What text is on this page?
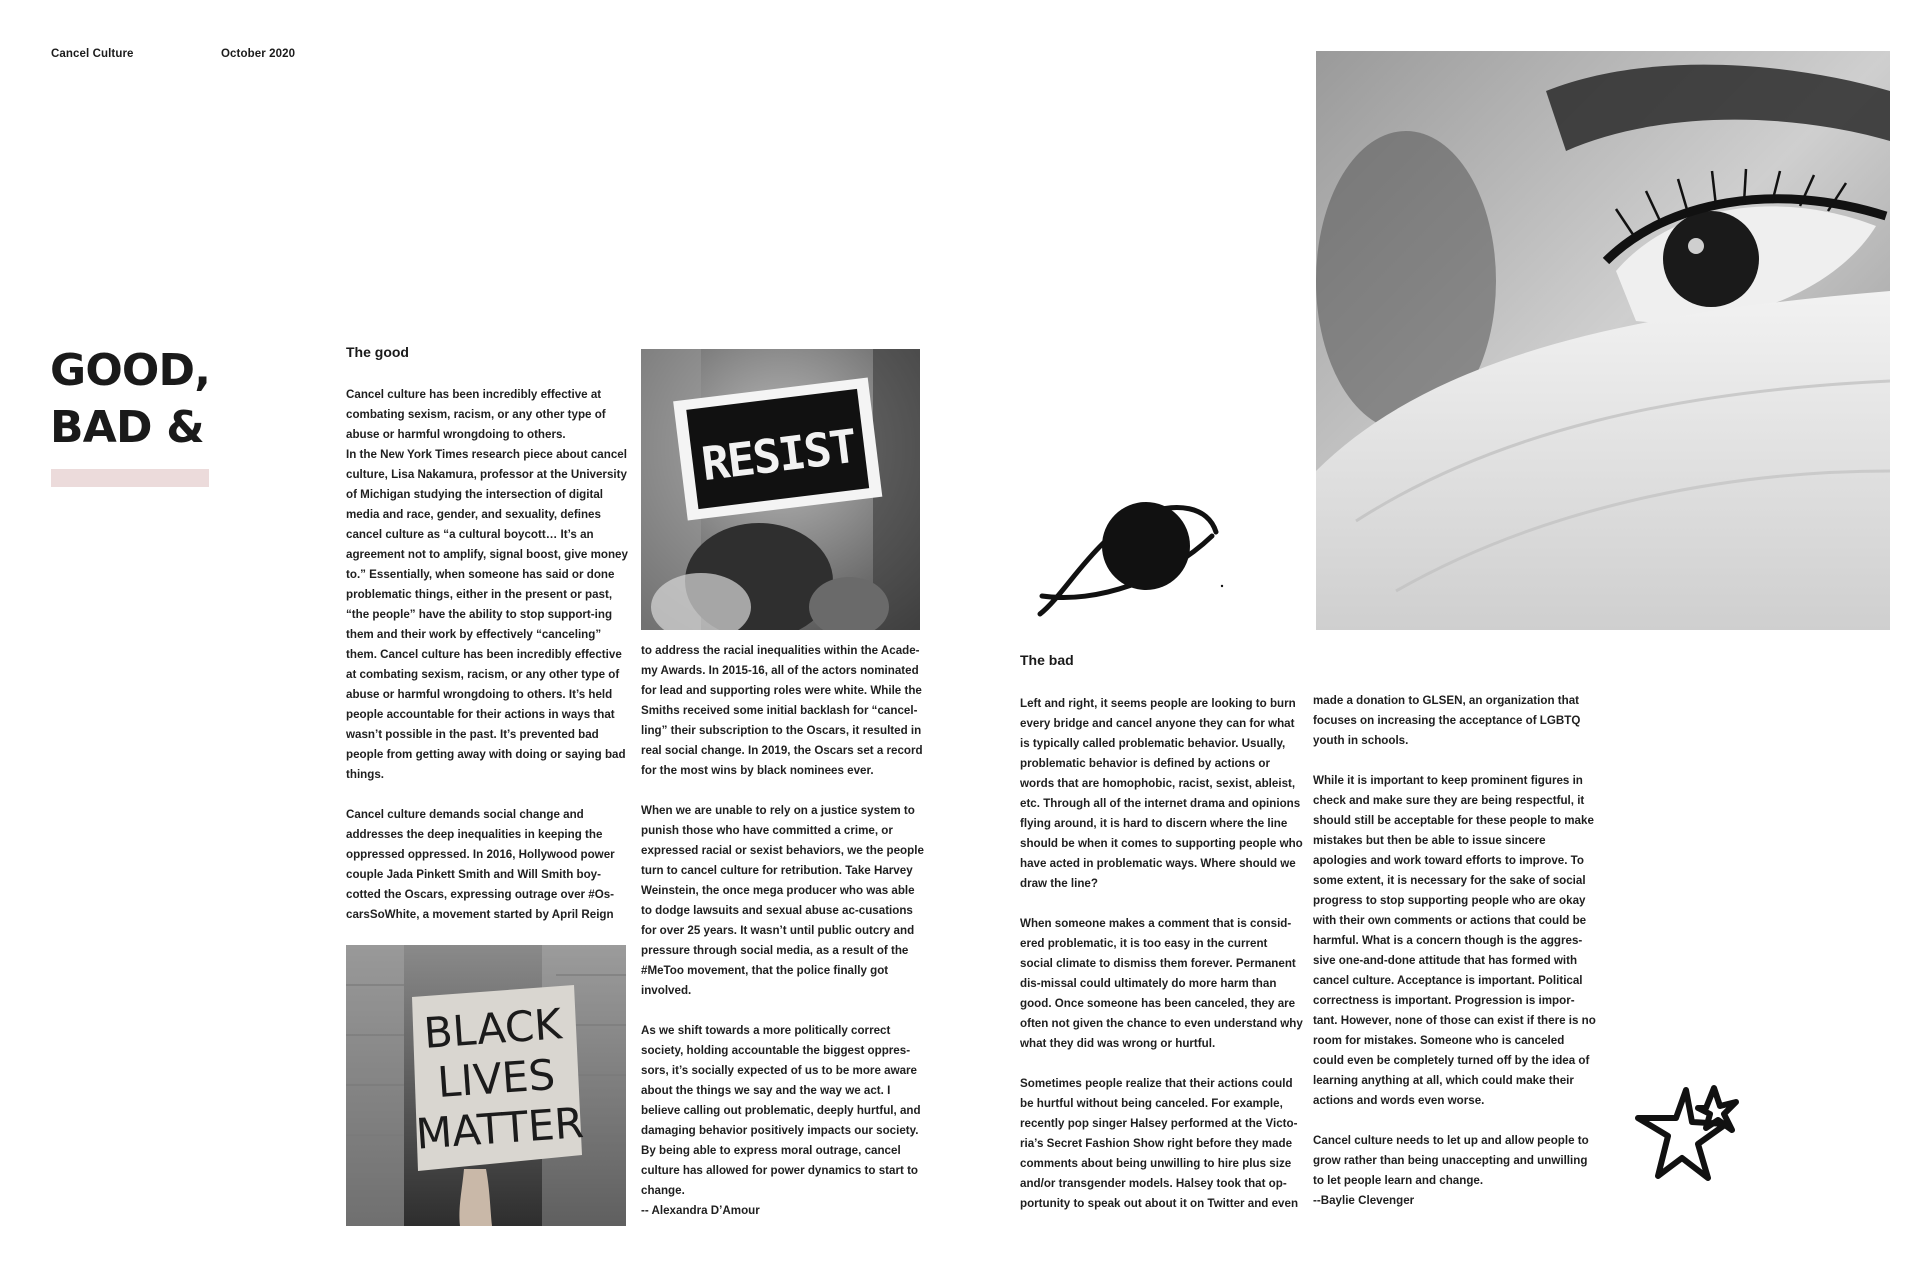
Cancel Culture	October 2020
GOOD,
BAD &
The good

Cancel culture has been incredibly effective at combating sexism, racism, or any other type of abuse or harmful wrongdoing to others.

In the New York Times research piece about cancel culture, Lisa Nakamura, professor at the University of Michigan studying the intersection of digital media and race, gender, and sexuality, defines cancel culture as “a cultural boycott… It’s an agreement not to amplify, signal boost, give money to.” Essentially, when someone has said or done problematic things, either in the present or past, “the people” have the ability to stop support-ing them and their work by effectively “canceling” them. Cancel culture has been incredibly effective at combating sexism, racism, or any other type of abuse or harmful wrongdoing to others. It’s held people accountable for their actions in ways that wasn’t possible in the past. It’s prevented bad people from getting away with doing or saying bad things.

Cancel culture demands social change and addresses the deep inequalities in keeping the oppressed oppressed. In 2016, Hollywood power couple Jada Pinkett Smith and Will Smith boy-cotted the Oscars, expressing outrage over #Os-carsSoWhite, a movement started by April Reign

RESIST

to address the racial inequalities within the Acade-my Awards. In 2015-16, all of the actors nominated for lead and supporting roles were white. While the Smiths received some initial backlash for “cancel-ling” their subscription to the Oscars, it resulted in real social change. In 2019, the Oscars set a record for the most wins by black nominees ever.

When we are unable to rely on a justice system to punish those who have committed a crime, or expressed racial or sexist behaviors, we the people turn to cancel culture for retribution. Take Harvey Weinstein, the once mega producer who was able to dodge lawsuits and sexual abuse ac-cusations for over 25 years. It wasn’t until public outcry and pressure through social media, as a result of the #MeToo movement, that the police finally got involved.

As we shift towards a more politically correct society, holding accountable the biggest oppres-sors, it’s socially expected of us to be more aware about the things we say and the way we act. I believe calling out problematic, deeply hurtful, and damaging behavior positively impacts our society. By being able to express moral outrage, cancel culture has allowed for power dynamics to start to change.

-- Alexandra D’Amour
BLACK
LIVES
MATTER
The bad

Left and right, it seems people are looking to burn every bridge and cancel anyone they can for what is typically called problematic behavior. Usually, problematic behavior is defined by actions or words that are homophobic, racist, sexist, ableist, etc. Through all of the internet drama and opinions flying around, it is hard to discern where the line should be when it comes to supporting people who have acted in problematic ways. Where should we draw the line?

When someone makes a comment that is consid-ered problematic, it is too easy in the current social climate to dismiss them forever. Permanent dis-missal could ultimately do more harm than good. Once someone has been canceled, they are often not given the chance to even understand why what they did was wrong or hurtful.

Sometimes people realize that their actions could be hurtful without being canceled. For example, recently pop singer Halsey performed at the Victo-ria’s Secret Fashion Show right before they made comments about being unwilling to hire plus size and/or transgender models. Halsey took that op-portunity to speak out about it on Twitter and even

made a donation to GLSEN, an organization that focuses on increasing the acceptance of LGBTQ youth in schools.

While it is important to keep prominent figures in check and make sure they are being respectful, it should still be acceptable for these people to make mistakes but then be able to issue sincere apologies and work toward efforts to improve. To some extent, it is necessary for the sake of social progress to stop supporting people who are okay with their own comments or actions that could be harmful. What is a concern though is the aggres-sive one-and-done attitude that has formed with cancel culture. Acceptance is important. Political correctness is important. Progression is impor-tant. However, none of those can exist if there is no room for mistakes. Someone who is canceled could even be completely turned off by the idea of learning anything at all, which could make their actions and words even worse.

Cancel culture needs to let up and allow people to grow rather than being unaccepting and unwilling to let people learn and change.

--Baylie Clevenger
